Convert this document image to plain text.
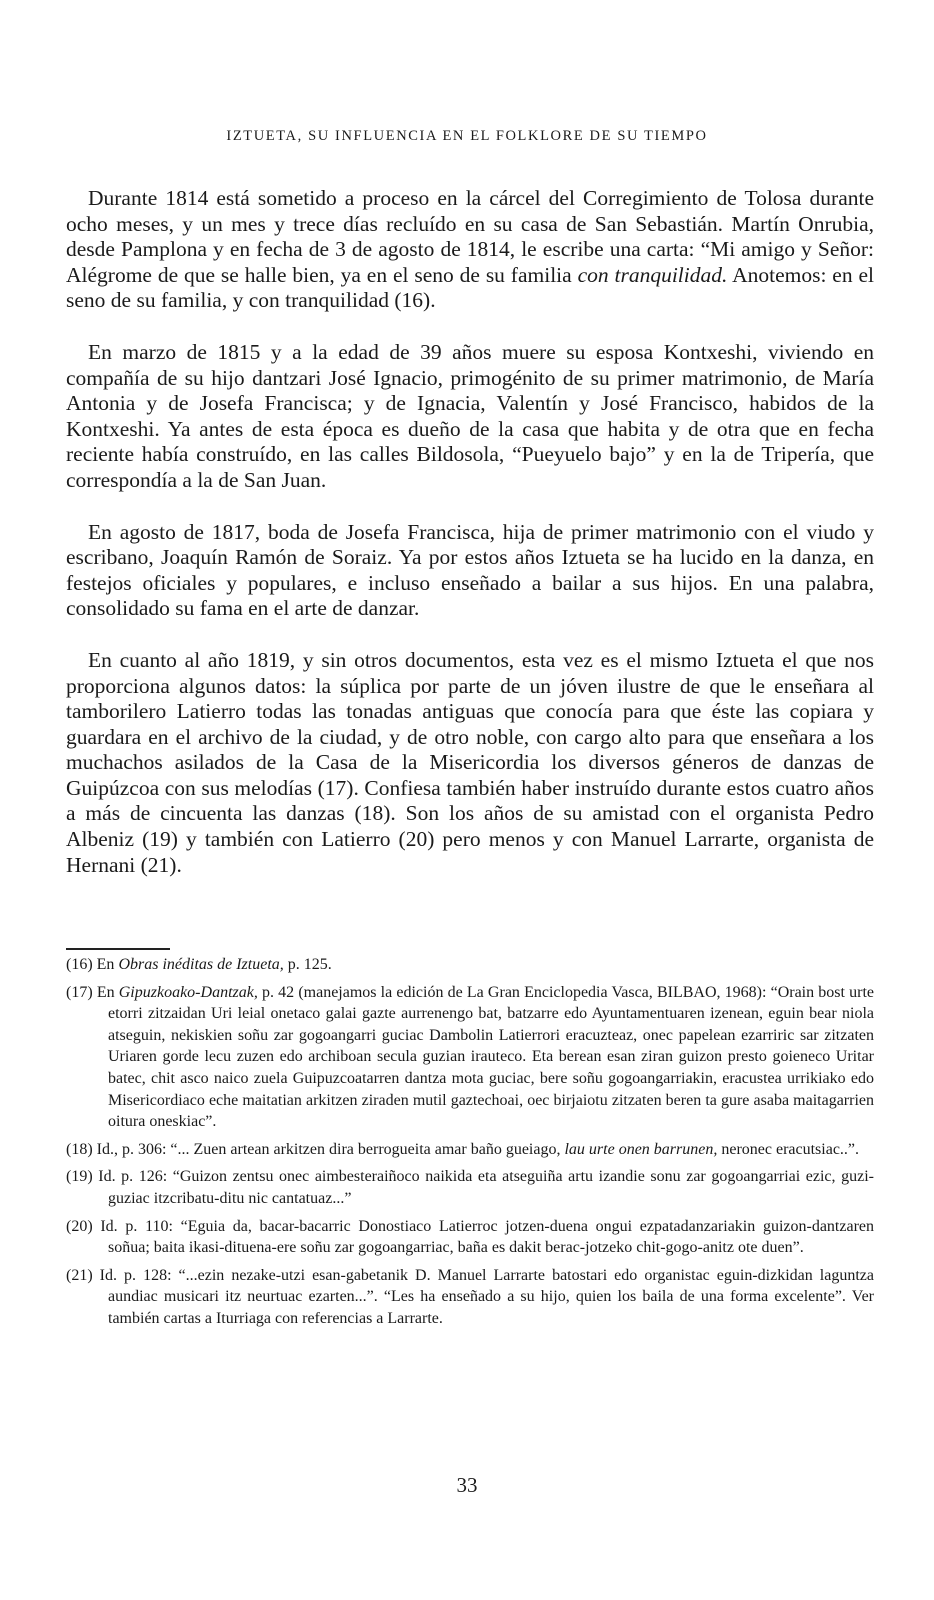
IZTUETA, SU INFLUENCIA EN EL FOLKLORE DE SU TIEMPO

Durante 1814 está sometido a proceso en la cárcel del Corregimiento de Tolosa durante ocho meses, y un mes y trece días recluído en su casa de San Sebastián. Martín Onrubia, desde Pamplona y en fecha de 3 de agosto de 1814, le escribe una carta: “Mi amigo y Señor: Alégrome de que se halle bien, ya en el seno de su familia con tranquilidad. Anotemos: en el seno de su familia, y con tranquilidad (16).

En marzo de 1815 y a la edad de 39 años muere su esposa Kontxeshi, viviendo en compañía de su hijo dantzari José Ignacio, primogénito de su primer matrimonio, de María Antonia y de Josefa Francisca; y de Ignacia, Valentín y José Francisco, habidos de la Kontxeshi. Ya antes de esta época es dueño de la casa que habita y de otra que en fecha reciente había construído, en las calles Bildosola, “Pueyuelo bajo” y en la de Tripería, que correspondía a la de San Juan.

En agosto de 1817, boda de Josefa Francisca, hija de primer matrimonio con el viudo y escribano, Joaquín Ramón de Soraiz. Ya por estos años Iztueta se ha lucido en la danza, en festejos oficiales y populares, e incluso enseñado a bailar a sus hijos. En una palabra, consolidado su fama en el arte de danzar.

En cuanto al año 1819, y sin otros documentos, esta vez es el mismo Iztueta el que nos proporciona algunos datos: la súplica por parte de un jóven ilustre de que le enseñara al tamborilero Latierro todas las tonadas antiguas que conocía para que éste las copiara y guardara en el archivo de la ciudad, y de otro noble, con cargo alto para que enseñara a los muchachos asilados de la Casa de la Misericordia los diversos géneros de danzas de Guipúzcoa con sus melodías (17). Confiesa también haber instruído durante estos cuatro años a más de cincuenta las danzas (18). Son los años de su amistad con el organista Pedro Albeniz (19) y también con Latierro (20) pero menos y con Manuel Larrarte, organista de Hernani (21).

(16) En Obras inéditas de Iztueta, p. 125.

(17) En Gipuzkoako-Dantzak, p. 42 (manejamos la edición de La Gran Enciclopedia Vasca, BILBAO, 1968): “Orain bost urte etorri zitzaidan Uri leial onetaco galai gazte aurrenengo bat, batzarre edo Ayuntamentuaren izenean, eguin bear niola atseguin, nekiskien soñu zar gogoangarri guciac Dambolin Latierrori eracuzteaz, onec papelean ezarriric sar zitzaten Uriaren gorde lecu zuzen edo archiboan secula guzian irauteco. Eta berean esan ziran guizon presto goieneco Uritar batec, chit asco naico zuela Guipuzcoatarren dantza mota guciac, bere soñu gogoangarriakin, eracustea urrikiako edo Misericordiaco eche maitatian arkitzen ziraden mutil gaztechoai, oec birjaiotu zitzaten beren ta gure asaba maitagarrien oitura oneskiac”.

(18) Id., p. 306: “... Zuen artean arkitzen dira berrogueita amar baño gueiago, lau urte onen barrunen, neronec eracutsiac..”.

(19) Id. p. 126: “Guizon zentsu onec aimbesteraiñoco naikida eta atseguiña artu izandie sonu zar gogoangarriai ezic, guzi-guziac itzcribatu-ditu nic cantatuaz...”

(20) Id. p. 110: “Eguia da, bacar-bacarric Donostiaco Latierroc jotzen-duena ongui ezpatadanzariakin guizon-dantzaren soñua; baita ikasi-dituena-ere soñu zar gogoangarriac, baña es dakit berac-jotzeko chit-gogo-anitz ote duen”.

(21) Id. p. 128: “...ezin nezake-utzi esan-gabetanik D. Manuel Larrarte batostari edo organistac eguin-dizkidan laguntza aundiac musicari itz neurtuac ezarten...”. “Les ha enseñado a su hijo, quien los baila de una forma excelente”. Ver también cartas a Iturriaga con referencias a Larrarte.

33
